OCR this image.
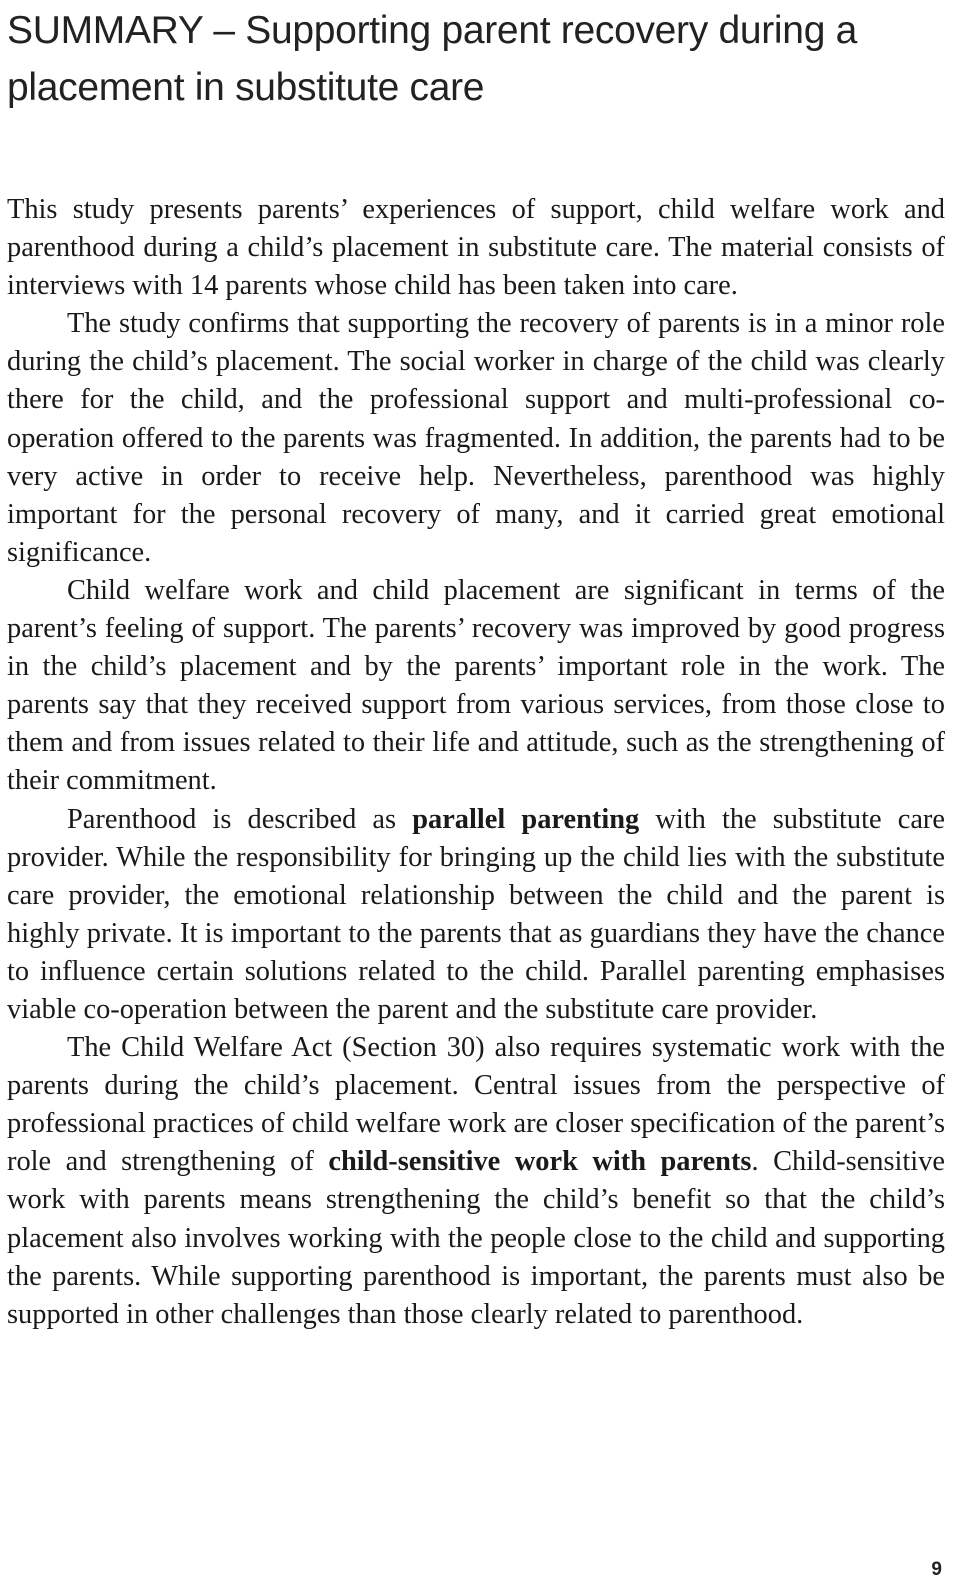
SUMMARY – Supporting parent recovery during a placement in substitute care

This study presents parents’ experiences of support, child welfare work and parenthood during a child’s placement in substitute care. The material consists of interviews with 14 parents whose child has been taken into care.

The study confirms that supporting the recovery of parents is in a minor role during the child’s placement. The social worker in charge of the child was clearly there for the child, and the professional support and multi-professional co-operation offered to the parents was fragmented. In addition, the parents had to be very active in order to receive help. Nevertheless, parenthood was highly important for the personal recovery of many, and it carried great emotional significance.

Child welfare work and child placement are significant in terms of the parent’s feeling of support. The parents’ recovery was improved by good progress in the child’s placement and by the parents’ important role in the work. The parents say that they received support from various services, from those close to them and from issues related to their life and attitude, such as the strengthening of their commitment.

Parenthood is described as parallel parenting with the substitute care provider. While the responsibility for bringing up the child lies with the substitute care provider, the emotional relationship between the child and the parent is highly private. It is important to the parents that as guardians they have the chance to influence certain solutions related to the child. Parallel parenting emphasises viable co-operation between the parent and the substitute care provider.

The Child Welfare Act (Section 30) also requires systematic work with the parents during the child’s placement. Central issues from the perspective of professional practices of child welfare work are closer specification of the parent’s role and strengthening of child-sensitive work with parents. Child-sensitive work with parents means strengthening the child’s benefit so that the child’s placement also involves working with the people close to the child and supporting the parents. While supporting parenthood is important, the parents must also be supported in other challenges than those clearly related to parenthood.

9
